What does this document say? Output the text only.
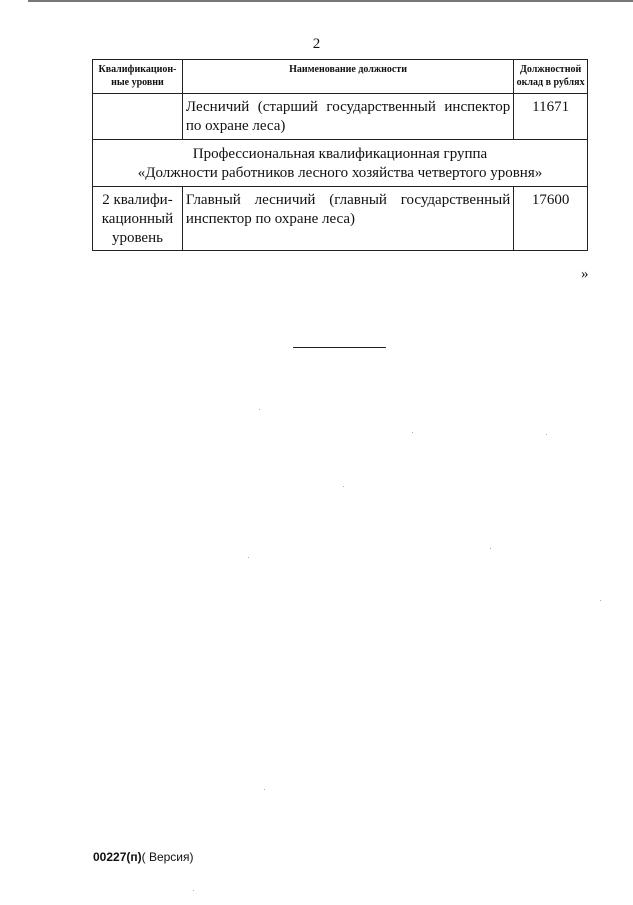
2
Квалификацион-ные уровни	Наименование должности	Должностной оклад в рублях
	Лесничий (старший государственный инспектор по охране леса)	11671

Профессиональная квалификационная группа
«Должности работников лесного хозяйства четвертого уровня»		

2 квалифи-кационный уровень	Главный лесничий (главный государственный инспектор по охране леса)	17600
»
00227(п)( Версия)
